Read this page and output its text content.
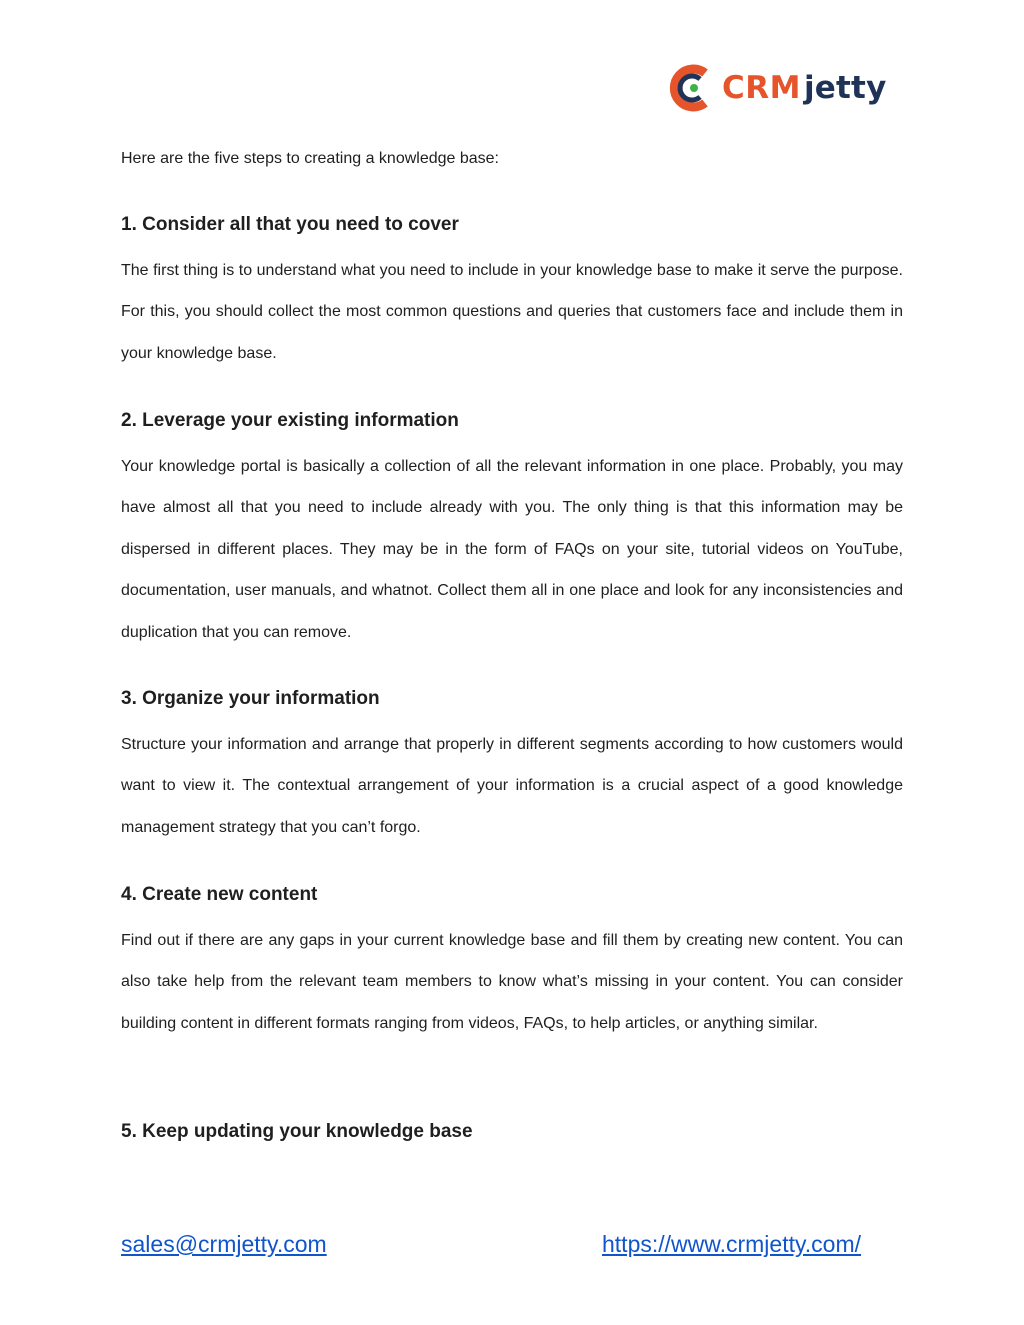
CRM jetty

Here are the five steps to creating a knowledge base:

1. Consider all that you need to cover

The first thing is to understand what you need to include in your knowledge base to make it serve the purpose. For this, you should collect the most common questions and queries that customers face and include them in your knowledge base.

2. Leverage your existing information

Your knowledge portal is basically a collection of all the relevant information in one place. Probably, you may have almost all that you need to include already with you. The only thing is that this information may be dispersed in different places. They may be in the form of FAQs on your site, tutorial videos on YouTube, documentation, user manuals, and whatnot. Collect them all in one place and look for any inconsistencies and duplication that you can remove.

3. Organize your information

Structure your information and arrange that properly in different segments according to how customers would want to view it. The contextual arrangement of your information is a crucial aspect of a good knowledge management strategy that you can’t forgo.

4. Create new content

Find out if there are any gaps in your current knowledge base and fill them by creating new content. You can also take help from the relevant team members to know what’s missing in your content. You can consider building content in different formats ranging from videos, FAQs, to help articles, or anything similar.

5. Keep updating your knowledge base
sales@crmjetty.com	https://www.crmjetty.com/
